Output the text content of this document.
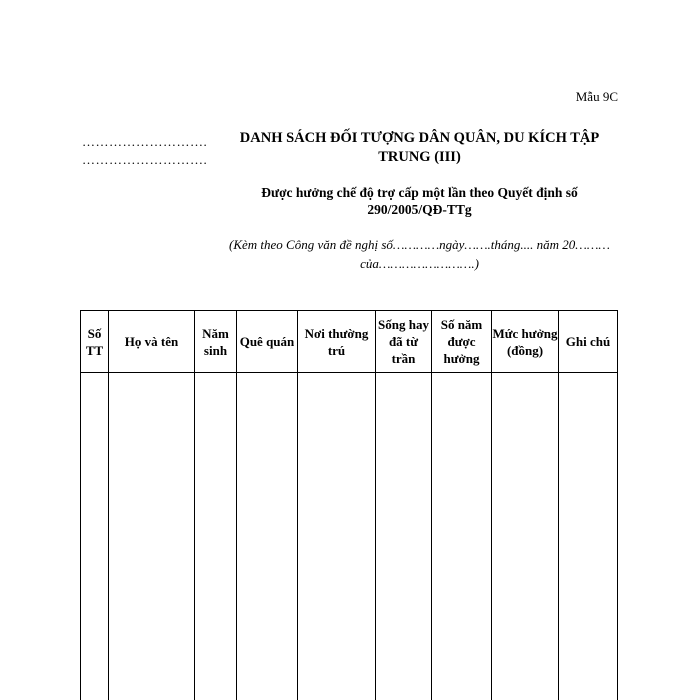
Mẫu 9C
……………………….
……………………….
DANH SÁCH ĐỐI TƯỢNG DÂN QUÂN, DU KÍCH TẬP TRUNG (III)
Được hưởng chế độ trợ cấp một lần theo Quyết định số 290/2005/QĐ-TTg
(Kèm theo Công văn đề nghị số…………ngày…….tháng.... năm 20………của…………………….)
Số TT	Họ và tên	Năm sinh	Quê quán	Nơi thường trú	Sống hay đã từ trần	Số năm được hưởng	Mức hưởng (đồng)	Ghi chú
